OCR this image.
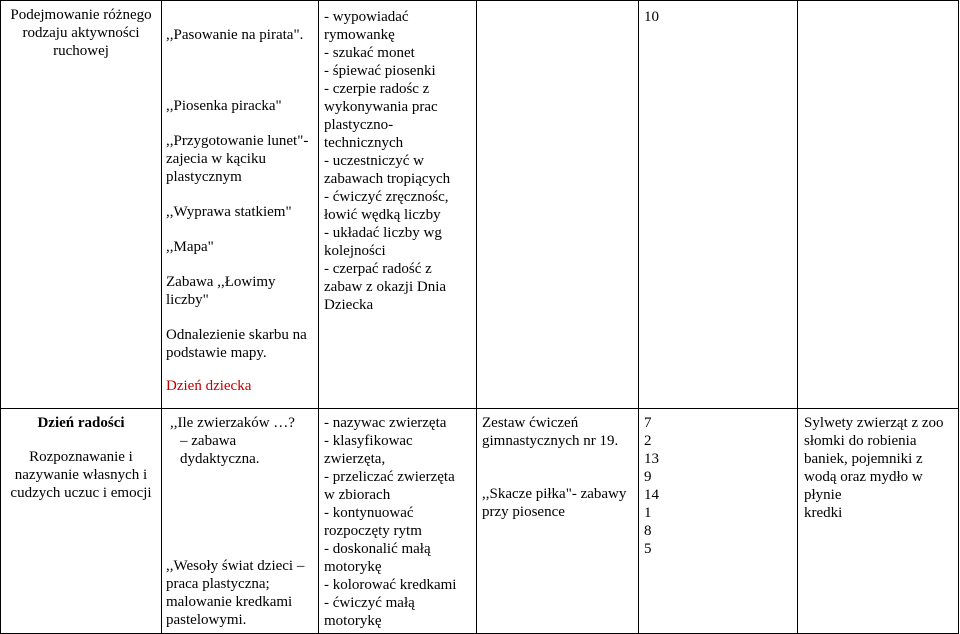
Podejmowanie różnego

rodzaju aktywności

ruchowej

,,Pasowanie na pirata".

,,Piosenka piracka"

,,Przygotowanie lunet"-

zajecia w kąciku

plastycznym

,,Wyprawa statkiem"

,,Mapa"

Zabawa ,,Łowimy

liczby"

Odnalezienie skarbu na

podstawie mapy.

Dzień dziecka

- wypowiadać

rymowankę

- szukać monet

- śpiewać piosenki

- czerpie radośc z

wykonywania prac

plastyczno-

technicznych

- uczestniczyć w

zabawach tropiących

- ćwiczyć zręcznośc,

łowić wędką liczby

- układać liczby wg

kolejności

- czerpać radość z

zabaw z okazji Dnia

Dziecka

10

Dzień radości

Rozpoznawanie i

nazywanie własnych i

cudzych uczuc i emocji

,,Ile zwierzaków …?

– zabawa dydaktyczna.

,,Wesoły świat dzieci –

praca plastyczna;

malowanie kredkami

pastelowymi.

- nazywac zwierzęta

- klasyfikowac

zwierzęta,

- przeliczać zwierzęta

w zbiorach

- kontynuować

rozpoczęty rytm

- doskonalić małą

motorykę

- kolorować kredkami

- ćwiczyć małą

motorykę

Zestaw ćwiczeń

gimnastycznych nr 19.

,,Skacze piłka"- zabawy

przy piosence

7

2

13

9

14

1

8

5

Sylwety zwierząt z zoo

słomki do robienia

baniek, pojemniki z

wodą oraz mydło w

płynie

kredki
